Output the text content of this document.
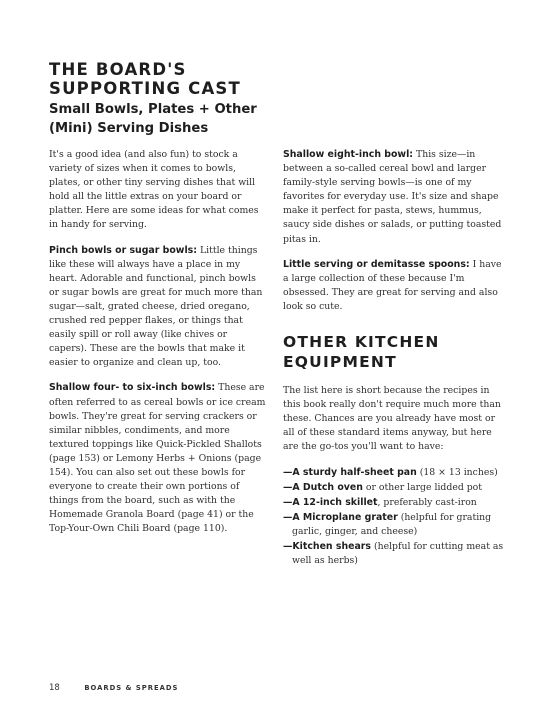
THE BOARD'S SUPPORTING CAST
Small Bowls, Plates + Other (Mini) Serving Dishes

It's a good idea (and also fun) to stock a variety of sizes when it comes to bowls, plates, or other tiny serving dishes that will hold all the little extras on your board or platter. Here are some ideas for what comes in handy for serving.

Pinch bowls or sugar bowls: Little things like these will always have a place in my heart. Adorable and functional, pinch bowls or sugar bowls are great for much more than sugar—salt, grated cheese, dried oregano, crushed red pepper flakes, or things that easily spill or roll away (like chives or capers). These are the bowls that make it easier to organize and clean up, too.

Shallow four- to six-inch bowls: These are often referred to as cereal bowls or ice cream bowls. They're great for serving crackers or similar nibbles, condiments, and more textured toppings like Quick-Pickled Shallots (page 153) or Lemony Herbs + Onions (page 154). You can also set out these bowls for everyone to create their own portions of things from the board, such as with the Homemade Granola Board (page 41) or the Top-Your-Own Chili Board (page 110).

Shallow eight-inch bowl: This size—in between a so-called cereal bowl and larger family-style serving bowls—is one of my favorites for everyday use. It's size and shape make it perfect for pasta, stews, hummus, saucy side dishes or salads, or putting toasted pitas in.

Little serving or demitasse spoons: I have a large collection of these because I'm obsessed. They are great for serving and also look so cute.

OTHER KITCHEN EQUIPMENT

The list here is short because the recipes in this book really don't require much more than these. Chances are you already have most or all of these standard items anyway, but here are the go-tos you'll want to have:

—A sturdy half-sheet pan (18 × 13 inches)
—A Dutch oven or other large lidded pot
—A 12-inch skillet, preferably cast-iron
—A Microplane grater (helpful for grating garlic, ginger, and cheese)
—Kitchen shears (helpful for cutting meat as well as herbs)
18	BOARDS & SPREADS
